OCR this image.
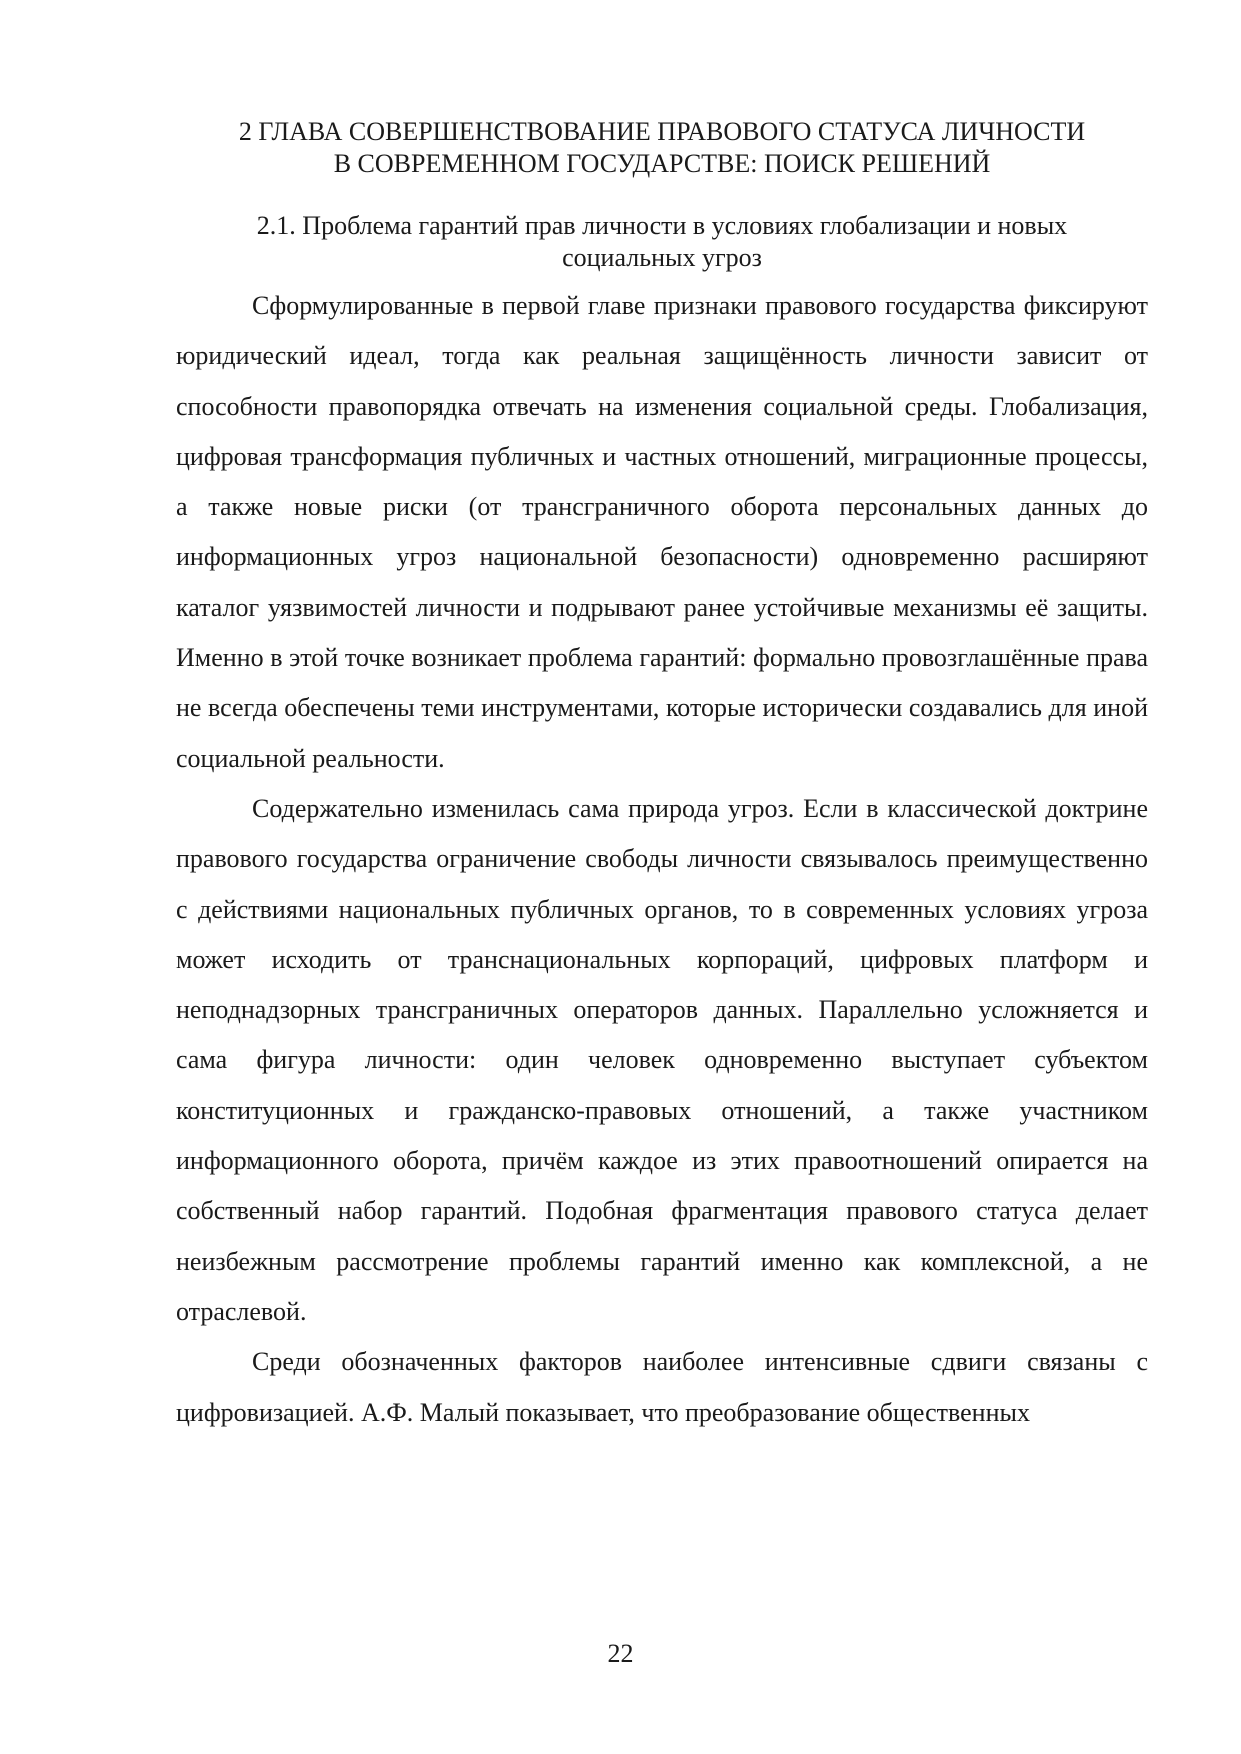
2 ГЛАВА СОВЕРШЕНСТВОВАНИЕ ПРАВОВОГО СТАТУСА ЛИЧНОСТИ
В СОВРЕМЕННОМ ГОСУДАРСТВЕ: ПОИСК РЕШЕНИЙ
2.1. Проблема гарантий прав личности в условиях глобализации и новых
социальных угроз

Сформулированные в первой главе признаки правового государства фиксируют юридический идеал, тогда как реальная защищённость личности зависит от способности правопорядка отвечать на изменения социальной среды. Глобализация, цифровая трансформация публичных и частных отношений, миграционные процессы, а также новые риски (от трансграничного оборота персональных данных до информационных угроз национальной безопасности) одновременно расширяют каталог уязвимостей личности и подрывают ранее устойчивые механизмы её защиты. Именно в этой точке возникает проблема гарантий: формально провозглашённые права не всегда обеспечены теми инструментами, которые исторически создавались для иной социальной реальности.

Содержательно изменилась сама природа угроз. Если в классической доктрине правового государства ограничение свободы личности связывалось преимущественно с действиями национальных публичных органов, то в современных условиях угроза может исходить от транснациональных корпораций, цифровых платформ и неподнадзорных трансграничных операторов данных. Параллельно усложняется и сама фигура личности: один человек одновременно выступает субъектом конституционных и гражданско-правовых отношений, а также участником информационного оборота, причём каждое из этих правоотношений опирается на собственный набор гарантий. Подобная фрагментация правового статуса делает неизбежным рассмотрение проблемы гарантий именно как комплексной, а не отраслевой.

Среди обозначенных факторов наиболее интенсивные сдвиги связаны с цифровизацией. А.Ф. Малый показывает, что преобразование общественных

22
